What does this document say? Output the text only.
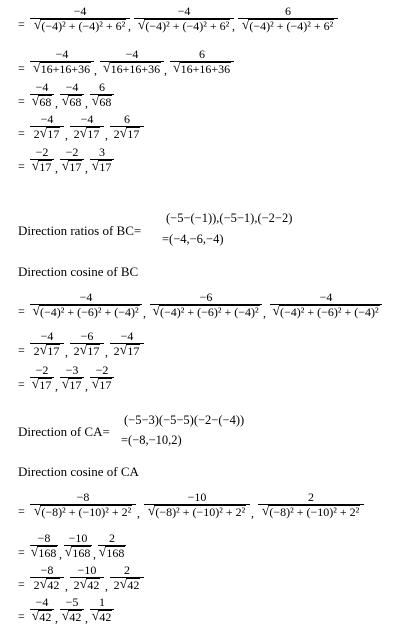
=
−4
√ (−4)² + (−4)² + 6² ,
−4
√ (−4)² + (−4)² + 6² ,
6
√ (−4)² + (−4)² + 6²
=
−4
√ 16+16+36 ,
−4
√ 16+16+36 ,
6
√ 16+16+36
=
−4
√ 68 ,
−4
√ 68 ,
6
√ 68
=
−4
2 √ 17 ,
−4
2 √ 17 ,
6
2 √ 17
=
−2
√ 17 ,
−2
√ 17 ,
3
√ 17
Direction ratios of BC=
(−5−(−1)),(−5−1),(−2−2)
=(−4,−6,−4)
Direction cosine of BC
=
−4
√ (−4)² + (−6)² + (−4)² ,
−6
√ (−4)² + (−6)² + (−4)² ,
−4
√ (−4)² + (−6)² + (−4)²
=
−4
2 √ 17 ,
−6
2 √ 17 ,
−4
2 √ 17
=
−2
√ 17 ,
−3
√ 17 ,
−2
√ 17
Direction of CA=
(−5−3)(−5−5)(−2−(−4))
=(−8,−10,2)
Direction cosine of CA
=
−8
√ (−8)² + (−10)² + 2² ,
−10
√ (−8)² + (−10)² + 2² ,
2
√ (−8)² + (−10)² + 2²
=
−8
√ 168 ,
−10
√ 168 ,
2
√ 168
=
−8
2 √ 42 ,
−10
2 √ 42 ,
2
2 √ 42
=
−4
√ 42 ,
−5
√ 42 ,
1
√ 42
